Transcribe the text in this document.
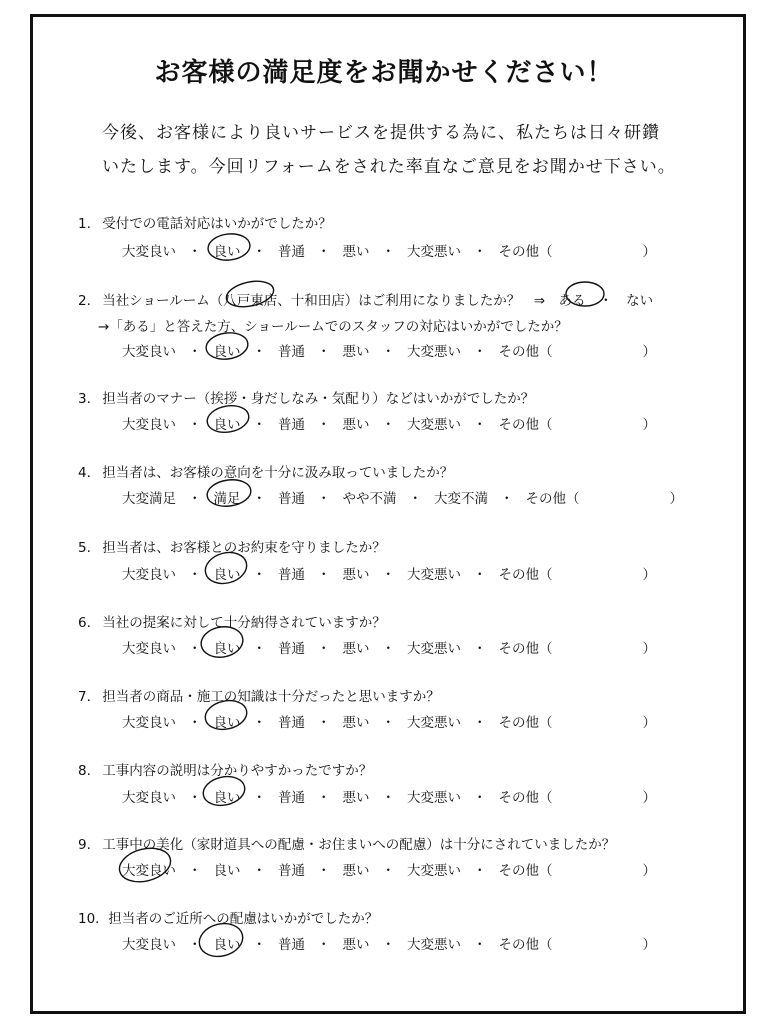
お客様の満足度をお聞かせください！
今後、お客様により良いサービスを提供する為に、私たちは日々研鑽
いたします。今回リフォームをされた率直なご意見をお聞かせ下さい。
1. 受付での電話対応はいかがでしたか？
大変良い ・ 良い ・ 普通 ・ 悪い ・ 大変悪い ・ その他（	）
2. 当社ショールーム（八戸東店、十和田店）はご利用になりましたか？　⇒　ある　・　ない
→「ある」と答えた方、ショールームでのスタッフの対応はいかがでしたか？
大変良い ・ 良い ・ 普通 ・ 悪い ・ 大変悪い ・ その他（	）
3. 担当者のマナー（挨拶・身だしなみ・気配り）などはいかがでしたか？
大変良い ・ 良い ・ 普通 ・ 悪い ・ 大変悪い ・ その他（	）
4. 担当者は、お客様の意向を十分に汲み取っていましたか？
大変満足 ・ 満足 ・ 普通 ・ やや不満 ・ 大変不満 ・ その他（	）
5. 担当者は、お客様とのお約束を守りましたか？
大変良い ・ 良い ・ 普通 ・ 悪い ・ 大変悪い ・ その他（	）
6. 当社の提案に対して十分納得されていますか？
大変良い ・ 良い ・ 普通 ・ 悪い ・ 大変悪い ・ その他（	）
7. 担当者の商品・施工の知識は十分だったと思いますか？
大変良い ・ 良い ・ 普通 ・ 悪い ・ 大変悪い ・ その他（	）
8. 工事内容の説明は分かりやすかったですか？
大変良い ・ 良い ・ 普通 ・ 悪い ・ 大変悪い ・ その他（	）
9. 工事中の美化（家財道具への配慮・お住まいへの配慮）は十分にされていましたか？
大変良い ・ 良い ・ 普通 ・ 悪い ・ 大変悪い ・ その他（	）
10. 担当者のご近所への配慮はいかがでしたか？
大変良い ・ 良い ・ 普通 ・ 悪い ・ 大変悪い ・ その他（	）
